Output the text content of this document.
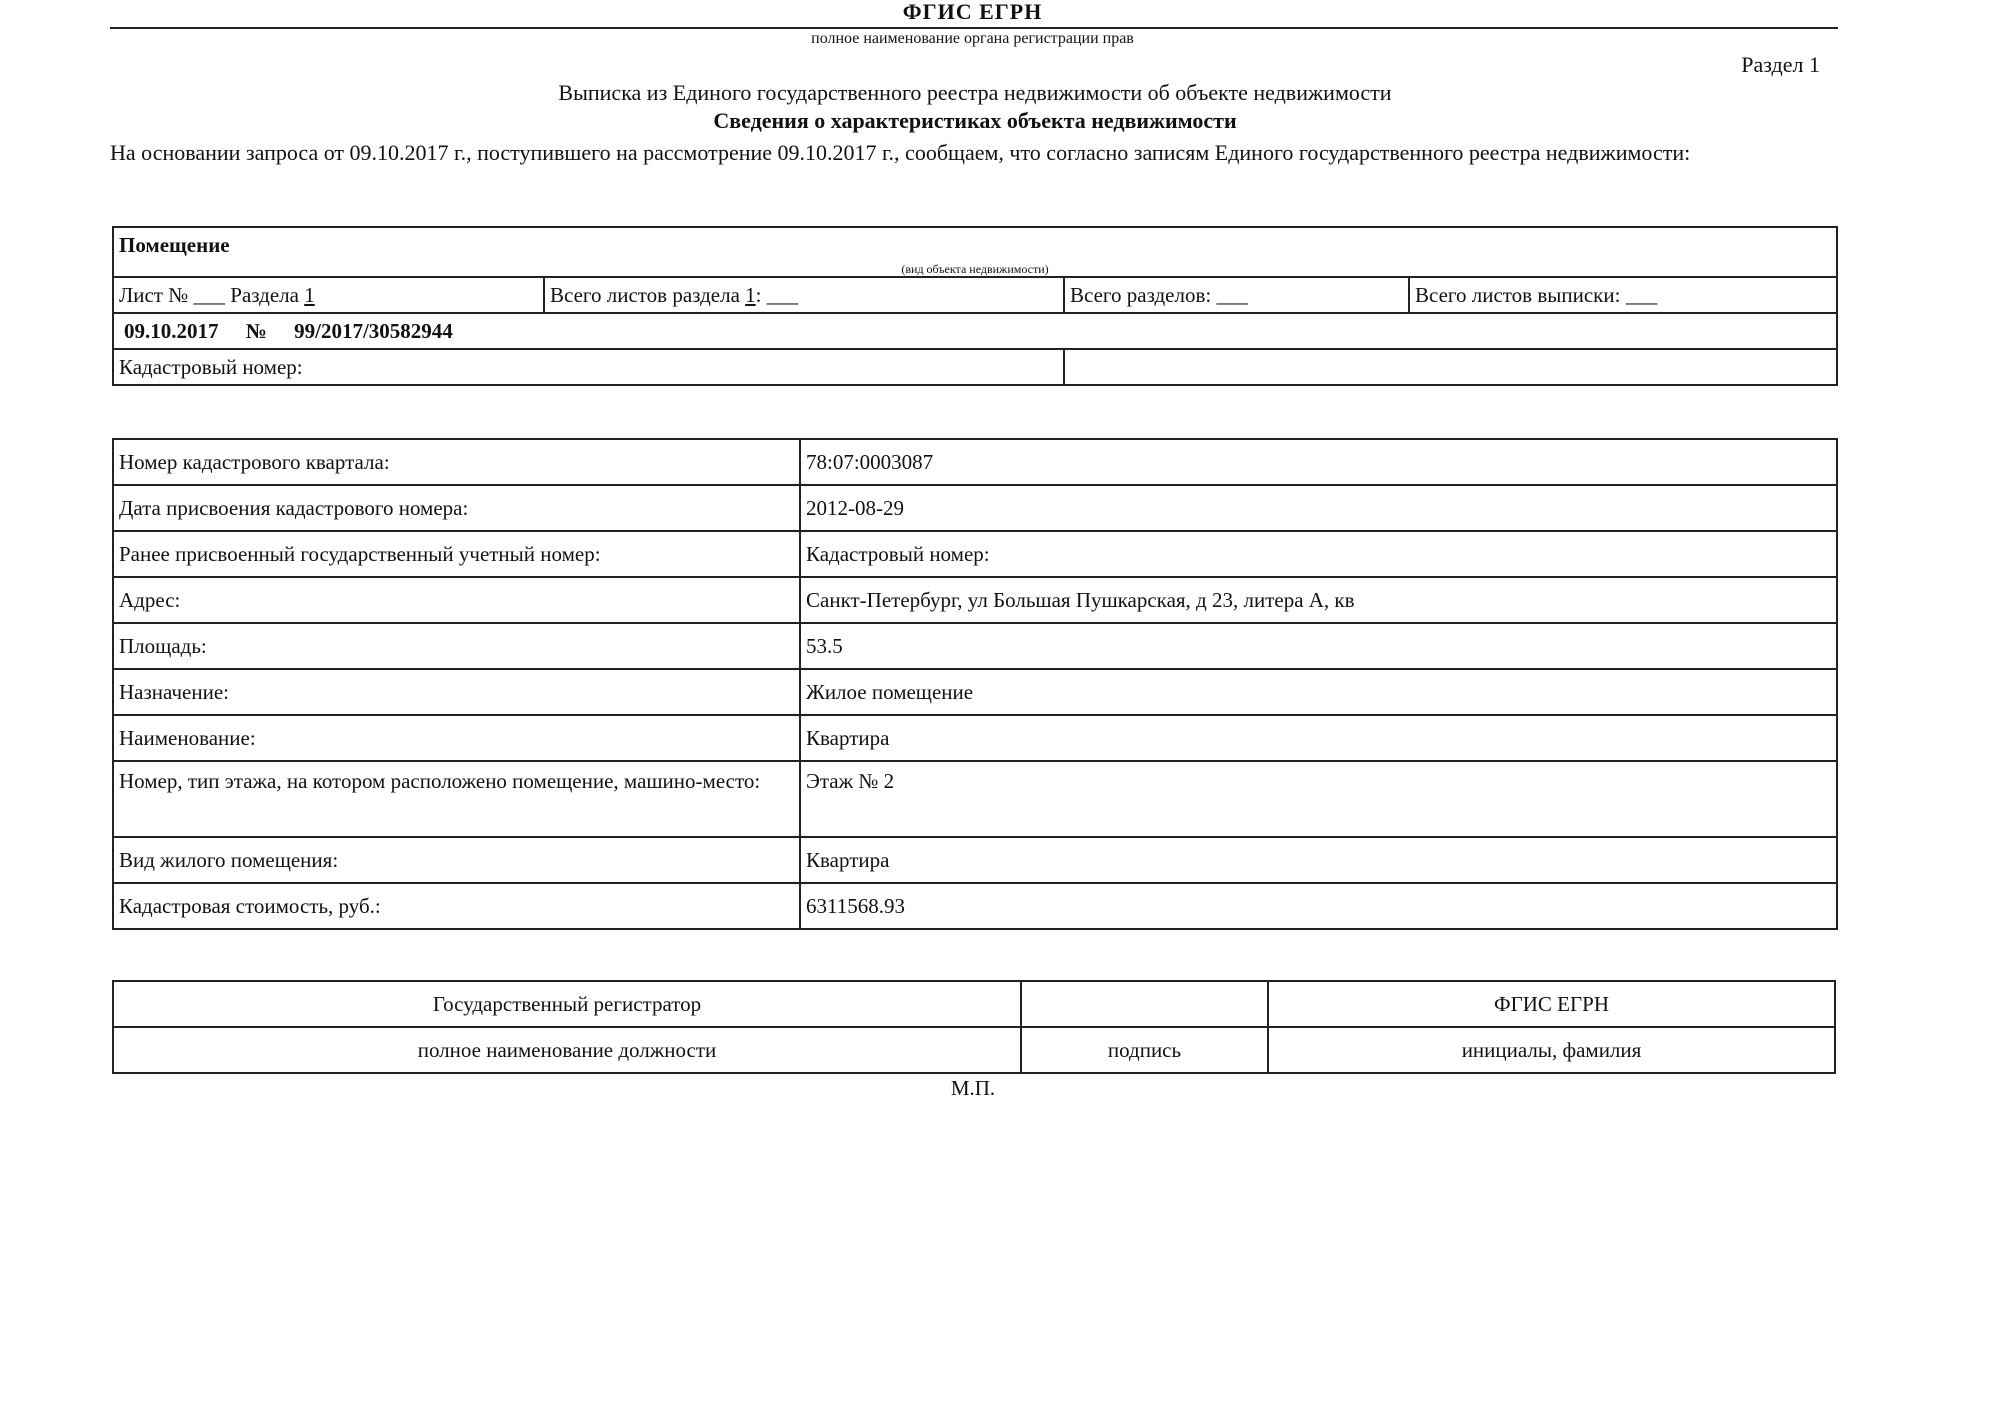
ФГИС ЕГРН
полное наименование органа регистрации прав
Раздел 1
Выписка из Единого государственного реестра недвижимости об объекте недвижимости
Сведения о характеристиках объекта недвижимости
На основании запроса от 09.10.2017 г., поступившего на рассмотрение 09.10.2017 г., сообщаем, что согласно записям Единого государственного реестра недвижимости:
Помещение			
(вид объекта недвижимости)			
Лист № ___ Раздела 1	Всего листов раздела 1: ___	Всего разделов: ___	Всего листов выписки: ___
09.10.2017 № 99/2017/30582944			
Кадастровый номер:			
Номер кадастрового квартала:	78:07:0003087
Дата присвоения кадастрового номера:	2012-08-29
Ранее присвоенный государственный учетный номер:	Кадастровый номер:
Адрес:	Санкт-Петербург, ул Большая Пушкарская, д 23, литера А, кв
Площадь:	53.5
Назначение:	Жилое помещение
Наименование:	Квартира
Номер, тип этажа, на котором расположено помещение, машино-место:	Этаж № 2
Вид жилого помещения:	Квартира
Кадастровая стоимость, руб.:	6311568.93
Государственный регистратор		ФГИС ЕГРН
полное наименование должности	подпись	инициалы, фамилия
М.П.
